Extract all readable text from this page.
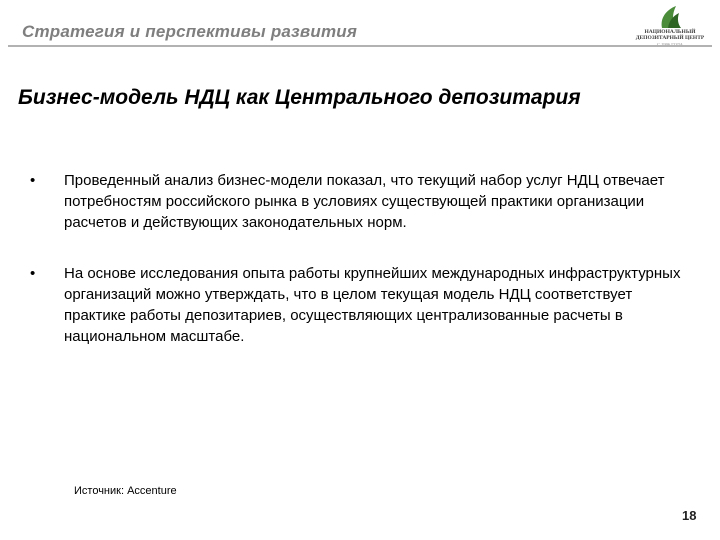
Стратегия и перспективы развития	НАЦИОНАЛЬНЫЙ
ДЕПОЗИТАРНЫЙ ЦЕНТР
Бизнес-модель НДЦ как Центрального депозитария
• Проведенный анализ бизнес-модели показал, что текущий набор услуг НДЦ отвечает потребностям российского рынка в условиях существующей практики организации расчетов и действующих законодательных норм.
• На основе исследования опыта работы крупнейших международных инфраструктурных организаций можно утверждать, что в целом текущая модель НДЦ соответствует практике работы депозитариев, осуществляющих централизованные расчеты в национальном масштабе.
Источник: Accenture
18
